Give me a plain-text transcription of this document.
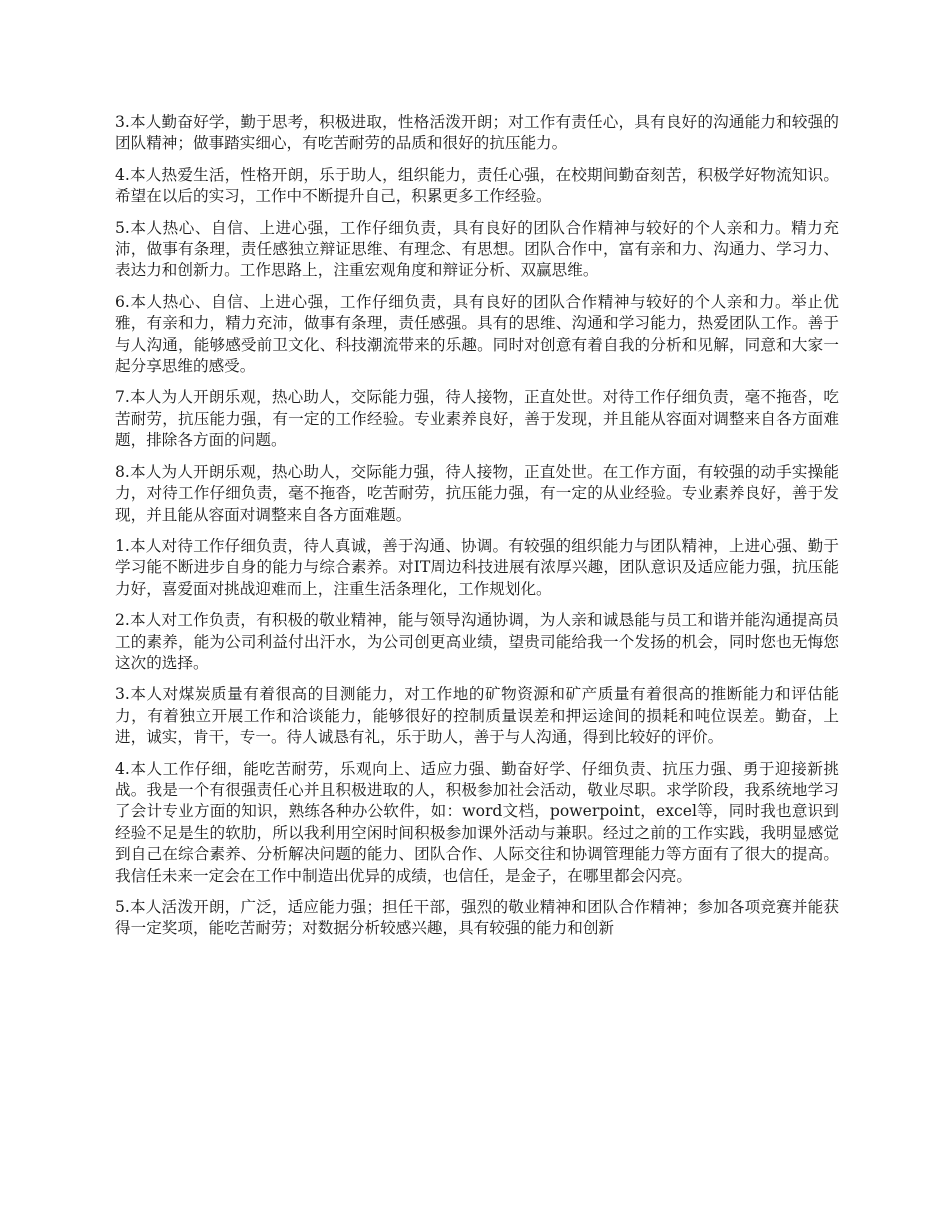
3.本人勤奋好学，勤于思考，积极进取，性格活泼开朗；对工作有责任心，具有良好的沟通能力和较强的团队精神；做事踏实细心，有吃苦耐劳的品质和很好的抗压能力。

4.本人热爱生活，性格开朗，乐于助人，组织能力，责任心强，在校期间勤奋刻苦，积极学好物流知识。希望在以后的实习，工作中不断提升自己，积累更多工作经验。

5.本人热心、自信、上进心强，工作仔细负责，具有良好的团队合作精神与较好的个人亲和力。精力充沛，做事有条理，责任感独立辩证思维、有理念、有思想。团队合作中，富有亲和力、沟通力、学习力、表达力和创新力。工作思路上，注重宏观角度和辩证分析、双赢思维。

6.本人热心、自信、上进心强，工作仔细负责，具有良好的团队合作精神与较好的个人亲和力。举止优雅，有亲和力，精力充沛，做事有条理，责任感强。具有的思维、沟通和学习能力，热爱团队工作。善于与人沟通，能够感受前卫文化、科技潮流带来的乐趣。同时对创意有着自我的分析和见解，同意和大家一起分享思维的感受。

7.本人为人开朗乐观，热心助人，交际能力强，待人接物，正直处世。对待工作仔细负责，毫不拖沓，吃苦耐劳，抗压能力强，有一定的工作经验。专业素养良好，善于发现，并且能从容面对调整来自各方面难题，排除各方面的问题。

8.本人为人开朗乐观，热心助人，交际能力强，待人接物，正直处世。在工作方面，有较强的动手实操能力，对待工作仔细负责，毫不拖沓，吃苦耐劳，抗压能力强，有一定的从业经验。专业素养良好，善于发现，并且能从容面对调整来自各方面难题。

1.本人对待工作仔细负责，待人真诚，善于沟通、协调。有较强的组织能力与团队精神，上进心强、勤于学习能不断进步自身的能力与综合素养。对IT周边科技进展有浓厚兴趣，团队意识及适应能力强，抗压能力好，喜爱面对挑战迎难而上，注重生活条理化，工作规划化。

2.本人对工作负责，有积极的敬业精神，能与领导沟通协调，为人亲和诚恳能与员工和谐并能沟通提高员工的素养，能为公司利益付出汗水，为公司创更高业绩，望贵司能给我一个发扬的机会，同时您也无悔您这次的选择。

3.本人对煤炭质量有着很高的目测能力，对工作地的矿物资源和矿产质量有着很高的推断能力和评估能力，有着独立开展工作和洽谈能力，能够很好的控制质量误差和押运途间的损耗和吨位误差。勤奋，上进，诚实，肯干，专一。待人诚恳有礼，乐于助人，善于与人沟通，得到比较好的评价。

4.本人工作仔细，能吃苦耐劳，乐观向上、适应力强、勤奋好学、仔细负责、抗压力强、勇于迎接新挑战。我是一个有很强责任心并且积极进取的人，积极参加社会活动，敬业尽职。求学阶段，我系统地学习了会计专业方面的知识，熟练各种办公软件，如：word文档，powerpoint，excel等，同时我也意识到经验不足是生的软肋，所以我利用空闲时间积极参加课外活动与兼职。经过之前的工作实践，我明显感觉到自己在综合素养、分析解决问题的能力、团队合作、人际交往和协调管理能力等方面有了很大的提高。我信任未来一定会在工作中制造出优异的成绩，也信任，是金子，在哪里都会闪亮。

5.本人活泼开朗，广泛，适应能力强；担任干部，强烈的敬业精神和团队合作精神；参加各项竞赛并能获得一定奖项，能吃苦耐劳；对数据分析较感兴趣，具有较强的能力和创新
